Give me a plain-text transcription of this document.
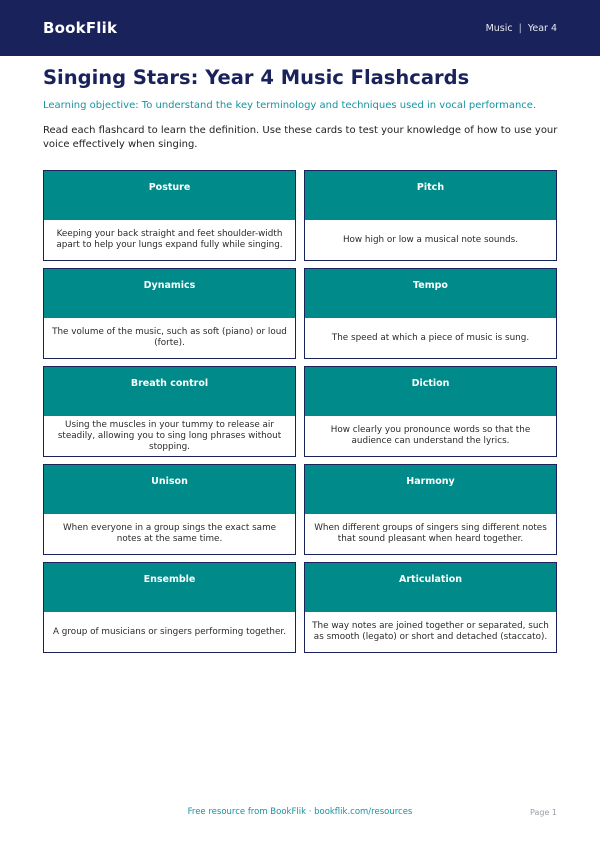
BookFlik	Music | Year 4
Singing Stars: Year 4 Music Flashcards

Learning objective: To understand the key terminology and techniques used in vocal performance.

Read each flashcard to learn the definition. Use these cards to test your knowledge of how to use your voice effectively when singing.

Posture
Keeping your back straight and feet shoulder-width apart to help your lungs expand fully while singing.
Pitch
How high or low a musical note sounds.
Dynamics
The volume of the music, such as soft (piano) or loud (forte).
Tempo
The speed at which a piece of music is sung.
Breath control
Using the muscles in your tummy to release air steadily, allowing you to sing long phrases without stopping.
Diction
How clearly you pronounce words so that the audience can understand the lyrics.
Unison
When everyone in a group sings the exact same notes at the same time.
Harmony
When different groups of singers sing different notes that sound pleasant when heard together.
Ensemble
A group of musicians or singers performing together.
Articulation
The way notes are joined together or separated, such as smooth (legato) or short and detached (staccato).
Free resource from BookFlik · bookflik.com/resources	Page 1
